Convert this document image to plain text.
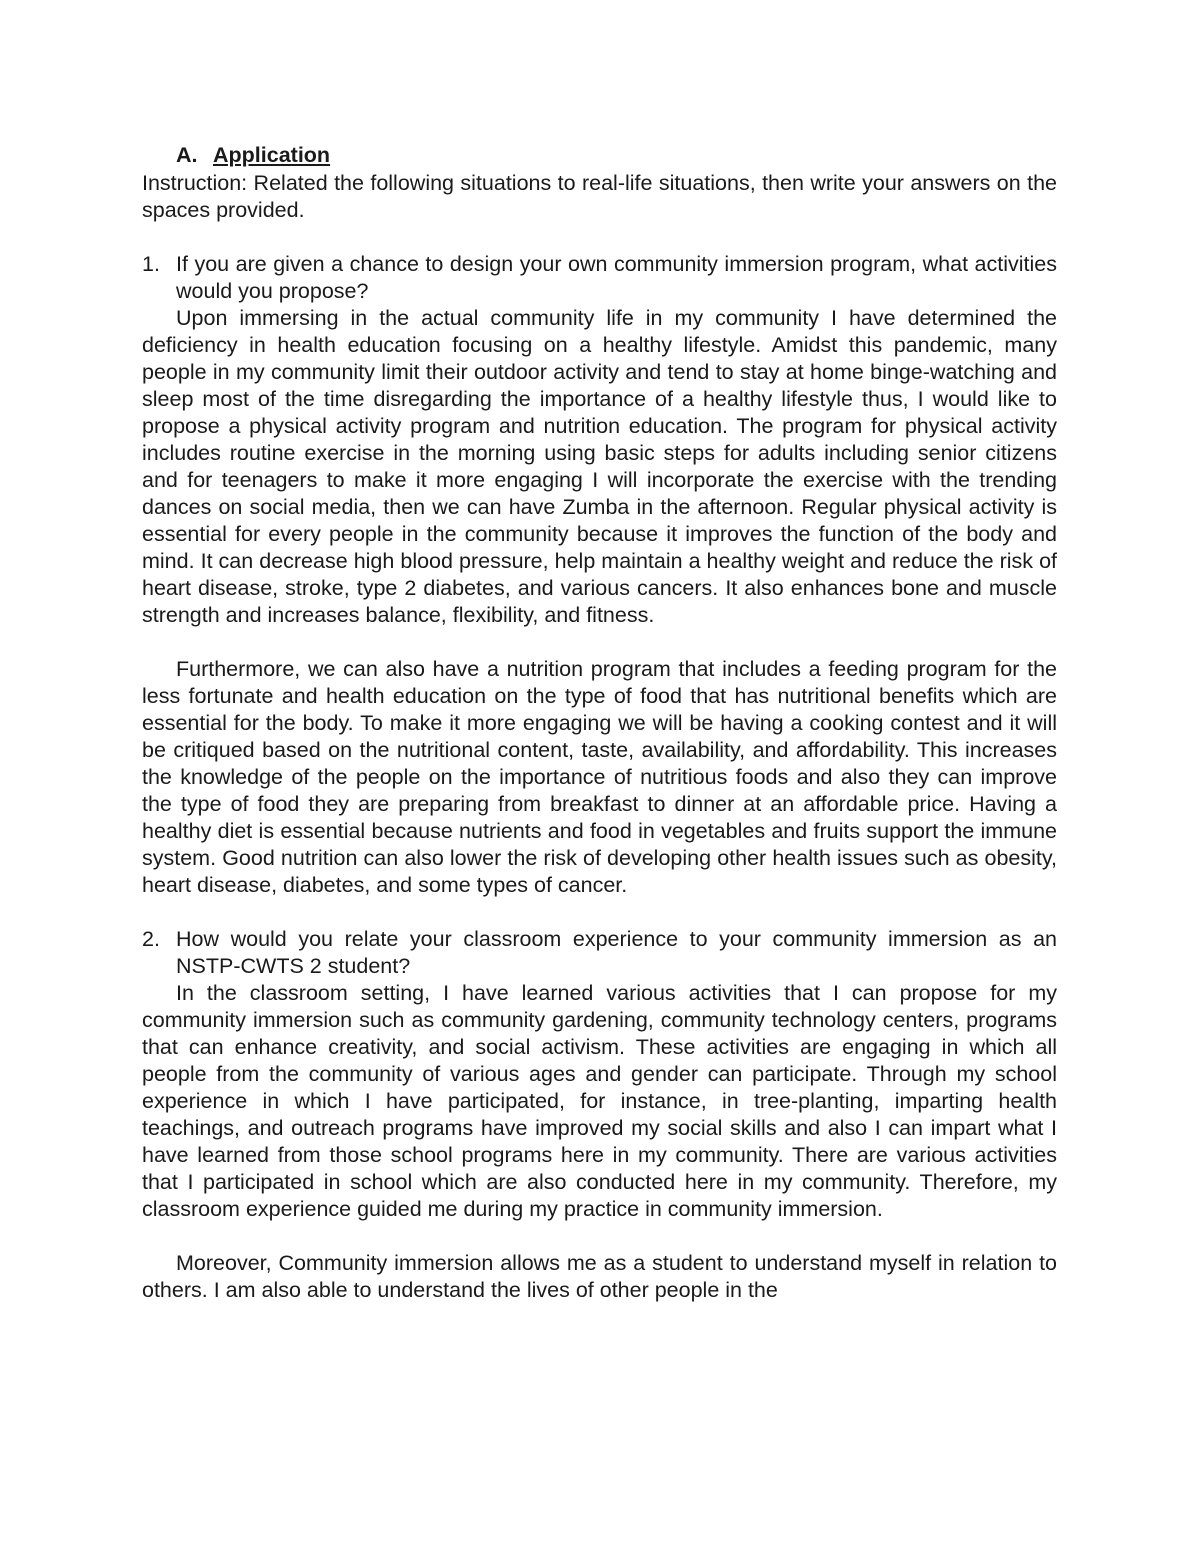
A. Application

Instruction: Related the following situations to real-life situations, then write your answers on the spaces provided.

1. If you are given a chance to design your own community immersion program, what activities would you propose?

Upon immersing in the actual community life in my community I have determined the deficiency in health education focusing on a healthy lifestyle. Amidst this pandemic, many people in my community limit their outdoor activity and tend to stay at home binge-watching and sleep most of the time disregarding the importance of a healthy lifestyle thus, I would like to propose a physical activity program and nutrition education. The program for physical activity includes routine exercise in the morning using basic steps for adults including senior citizens and for teenagers to make it more engaging I will incorporate the exercise with the trending dances on social media, then we can have Zumba in the afternoon. Regular physical activity is essential for every people in the community because it improves the function of the body and mind. It can decrease high blood pressure, help maintain a healthy weight and reduce the risk of heart disease, stroke, type 2 diabetes, and various cancers. It also enhances bone and muscle strength and increases balance, flexibility, and fitness.

Furthermore, we can also have a nutrition program that includes a feeding program for the less fortunate and health education on the type of food that has nutritional benefits which are essential for the body. To make it more engaging we will be having a cooking contest and it will be critiqued based on the nutritional content, taste, availability, and affordability. This increases the knowledge of the people on the importance of nutritious foods and also they can improve the type of food they are preparing from breakfast to dinner at an affordable price. Having a healthy diet is essential because nutrients and food in vegetables and fruits support the immune system. Good nutrition can also lower the risk of developing other health issues such as obesity, heart disease, diabetes, and some types of cancer.

2. How would you relate your classroom experience to your community immersion as an NSTP-CWTS 2 student?

In the classroom setting, I have learned various activities that I can propose for my community immersion such as community gardening, community technology centers, programs that can enhance creativity, and social activism. These activities are engaging in which all people from the community of various ages and gender can participate. Through my school experience in which I have participated, for instance, in tree-planting, imparting health teachings, and outreach programs have improved my social skills and also I can impart what I have learned from those school programs here in my community. There are various activities that I participated in school which are also conducted here in my community. Therefore, my classroom experience guided me during my practice in community immersion.

Moreover, Community immersion allows me as a student to understand myself in relation to others. I am also able to understand the lives of other people in the
